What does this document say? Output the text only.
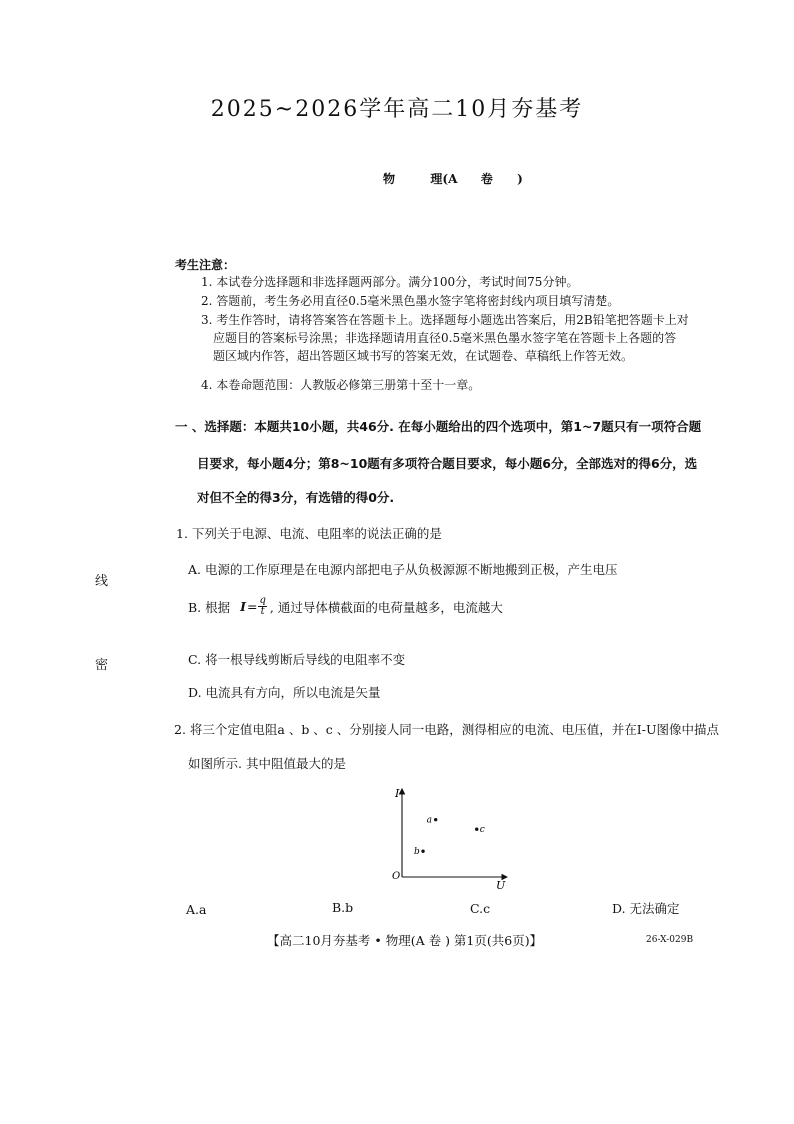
2025~2026学年高二10月夯基考
物	理(A 卷 )
考生注意：
1. 本试卷分选择题和非选择题两部分。满分100分，考试时间75分钟。
2. 答题前，考生务必用直径0.5毫米黑色墨水签字笔将密封线内项目填写清楚。
3. 考生作答时，请将答案答在答题卡上。选择题每小题选出答案后，用2B铅笔把答题卡上对
应题目的答案标号涂黑；非选择题请用直径0.5毫米黑色墨水签字笔在答题卡上各题的答
题区域内作答，超出答题区域书写的答案无效，在试题卷、草稿纸上作答无效。
4. 本卷命题范围：人教版必修第三册第十至十一章。
一 、选择题：本题共10小题，共46分. 在每小题给出的四个选项中，第1~7题只有一项符合题
目要求，每小题4分；第8~10题有多项符合题目要求，每小题6分，全部选对的得6分，选
对但不全的得3分，有选错的得0分.
1. 下列关于电源、电流、电阻率的说法正确的是
A. 电源的工作原理是在电源内部把电子从负极源源不断地搬到正极，产生电压
B. 根据 $I = \frac{q}{t}$ , 通过导体横截面的电荷量越多，电流越大
C. 将一根导线剪断后导线的电阻率不变
D. 电流具有方向，所以电流是矢量
2. 将三个定值电阻a 、b 、c 、分别接人同一电路，测得相应的电流、电压值，并在I-U图像中描点
如图所示. 其中阻值最大的是
I
U
O
a
b
c
A.a	B.b	C.c	D. 无法确定
线
密
【高二10月夯基考 • 物理(A 卷 ) 第1页(共6页)】	26-X-029B
